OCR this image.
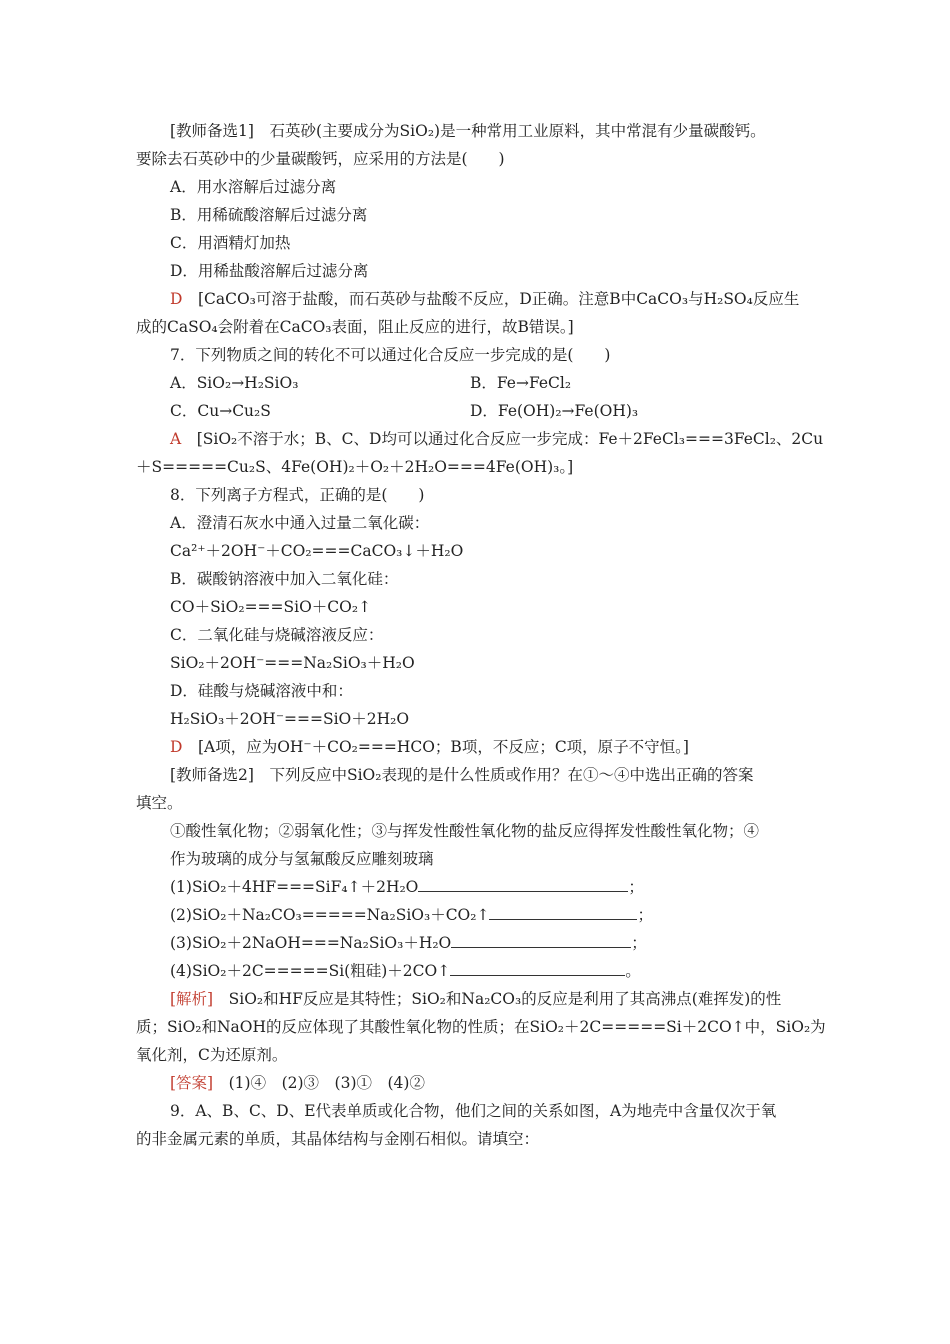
[教师备选1]　 石英砂(主要成分为SiO₂)是一种常用工业原料，其中常混有少量碳酸钙。
要除去石英砂中的少量碳酸钙，应采用的方法是(　　)
A．用水溶解后过滤分离
B．用稀硫酸溶解后过滤分离
C．用酒精灯加热
D．用稀盐酸溶解后过滤分离
D　 [CaCO₃可溶于盐酸，而石英砂与盐酸不反应，D正确。注意B中CaCO₃与H₂SO₄反应生
成的CaSO₄会附着在CaCO₃表面，阻止反应的进行，故B错误。]
7．下列物质之间的转化不可以通过化合反应一步完成的是(　　)
A．SiO₂→H₂SiO₃	B．Fe→FeCl₂
C．Cu→Cu₂S	D．Fe(OH)₂→Fe(OH)₃
A　 [SiO₂不溶于水；B、C、D均可以通过化合反应一步完成：Fe＋2FeCl₃===3FeCl₂、2Cu
＋S=====Cu₂S、4Fe(OH)₂＋O₂＋2H₂O===4Fe(OH)₃。]
8．下列离子方程式，正确的是(　　)
A．澄清石灰水中通入过量二氧化碳：
Ca²⁺＋2OH⁻＋CO₂===CaCO₃↓＋H₂O
B．碳酸钠溶液中加入二氧化硅：
CO＋SiO₂===SiO＋CO₂↑
C．二氧化硅与烧碱溶液反应：
SiO₂＋2OH⁻===Na₂SiO₃＋H₂O
D．硅酸与烧碱溶液中和：
H₂SiO₃＋2OH⁻===SiO＋2H₂O
D　 [A项，应为OH⁻＋CO₂===HCO；B项，不反应；C项，原子不守恒。]
[教师备选2]　 下列反应中SiO₂表现的是什么性质或作用？在①～④中选出正确的答案
填空。
①酸性氧化物；②弱氧化性；③与挥发性酸性氧化物的盐反应得挥发性酸性氧化物；④
作为玻璃的成分与氢氟酸反应雕刻玻璃
(1)SiO₂＋4HF===SiF₄↑＋2H₂O	；
(2)SiO₂＋Na₂CO₃=====Na₂SiO₃＋CO₂↑	；
(3)SiO₂＋2NaOH===Na₂SiO₃＋H₂O	；
(4)SiO₂＋2C=====Si(粗硅)＋2CO↑	。
[解析]　 SiO₂和HF反应是其特性；SiO₂和Na₂CO₃的反应是利用了其高沸点(难挥发)的性
质；SiO₂和NaOH的反应体现了其酸性氧化物的性质；在SiO₂＋2C=====Si＋2CO↑中，SiO₂为
氧化剂，C为还原剂。
[答案]　 (1)④　(2)③　(3)①　(4)②
9．A、B、C、D、E代表单质或化合物，他们之间的关系如图，A为地壳中含量仅次于氧
的非金属元素的单质，其晶体结构与金刚石相似。请填空：
